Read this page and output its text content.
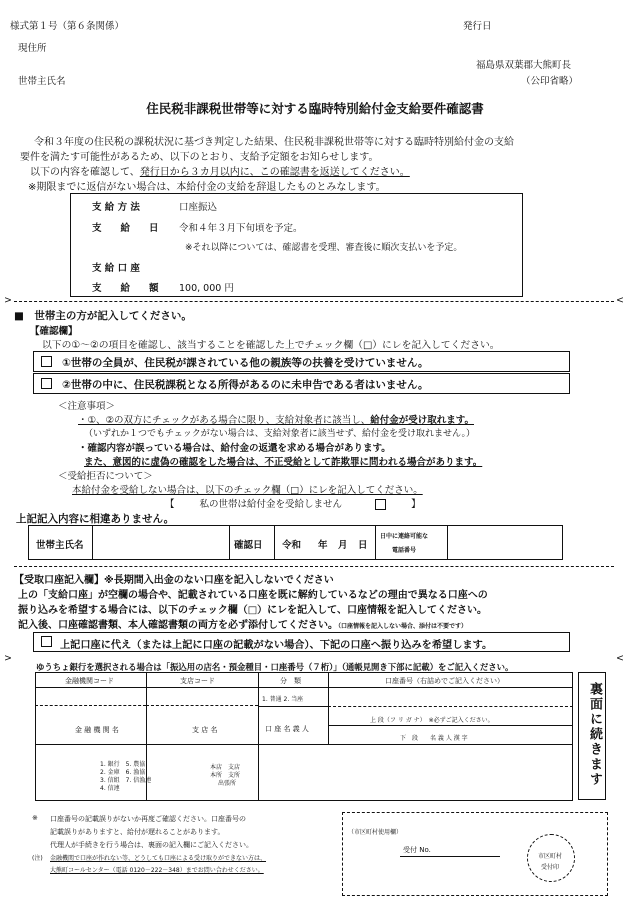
様式第１号（第６条関係）	発行日
現住所
福島県双葉郡大熊町長
世帯主氏名	（公印省略）
住民税非課税世帯等に対する臨時特別給付金支給要件確認書
令和３年度の住民税の課税状況に基づき判定した結果、住民税非課税世帯等に対する臨時特別給付金の支給
要件を満たす可能性があるため、以下のとおり、支給予定額をお知らせします。
以下の内容を確認して、発行日から３カ月以内に、この確認書を返送してください。
※期限までに返信がない場合は、本給付金の支給を辞退したものとみなします。
支 給 方 法	口座振込
支　　給　　日 令和４年３月下旬頃を予定。
※それ以降については、確認書を受理、審査後に順次支払いを予定。
支 給 口 座
支　　給　　額 100, 000 円
>	<
■　世帯主の方が記入してください。
【確認欄】
以下の①～②の項目を確認し、該当することを確認した上でチェック欄（□）にレを記入してください。
①世帯の全員が、住民税が課されている他の親族等の扶養を受けていません。
②世帯の中に、住民税課税となる所得があるのに未申告である者はいません。
＜注意事項＞
・①、②の双方にチェックがある場合に限り、支給対象者に該当し、給付金が受け取れます。
（いずれか１つでもチェックがない場合は、支給対象者に該当せず、給付金を受け取れません。）
・確認内容が誤っている場合は、給付金の返還を求める場合があります。
また、意図的に虚偽の確認をした場合は、不正受給として詐欺罪に問われる場合があります。
＜受給拒否について＞
本給付金を受給しない場合は、以下のチェック欄（□）にレを記入してください。
【	私の世帯は給付金を受給しません	】
上記記入内容に相違ありません。
世帯主氏名	確認日 令和 年 月 日
日中に連絡可能な
電話番号
【受取口座記入欄】※長期間入出金のない口座を記入しないでください
上の「支給口座」が空欄の場合や、記載されている口座を既に解約しているなどの理由で異なる口座への
振り込みを希望する場合には、以下のチェック欄（□）にレを記入して、口座情報を記入してください。
記入後、口座確認書類、本人確認書類の両方を必ず添付してください。（口座情報を記入しない場合、添付は不要です）
上記口座に代え（または上記に口座の記載がない場合）、下記の口座へ振り込みを希望します。
>	<
ゆうちょ銀行を選択される場合は「振込用の店名・預金種目・口座番号（７桁）」（通帳見開き下部に記載）をご記入ください。
金融機関コード	支店コード	分　類	口座番号（右詰めでご記入ください）
1. 普通 2. 当座
金 融 機 関 名	支 店 名	口 座 名 義 人
上 段（フ リ ガ ナ）　※必ずご記入ください。
下　段　　名 義 人 漢 字
1. 銀行　5. 農協
2. 金庫　6. 漁協
3. 信組　7. 信漁連
4. 信連
本店　支店
本所　支所
出張所	裏面に続きます
※ 口座番号の記載誤りがないか再度ご確認ください。口座番号の
記載誤りがありますと、給付が遅れることがあります。
代理人が手続きを行う場合は、裏面の記入欄にご記入ください。
(注) 金融機関で口座が作れない等、どうしても口座による受け取りができない方は、
大熊町コールセンター（電話 0120－222－348）までお問い合わせください。
（市区町村使用欄）
受付 No.
市区町村
受付印
